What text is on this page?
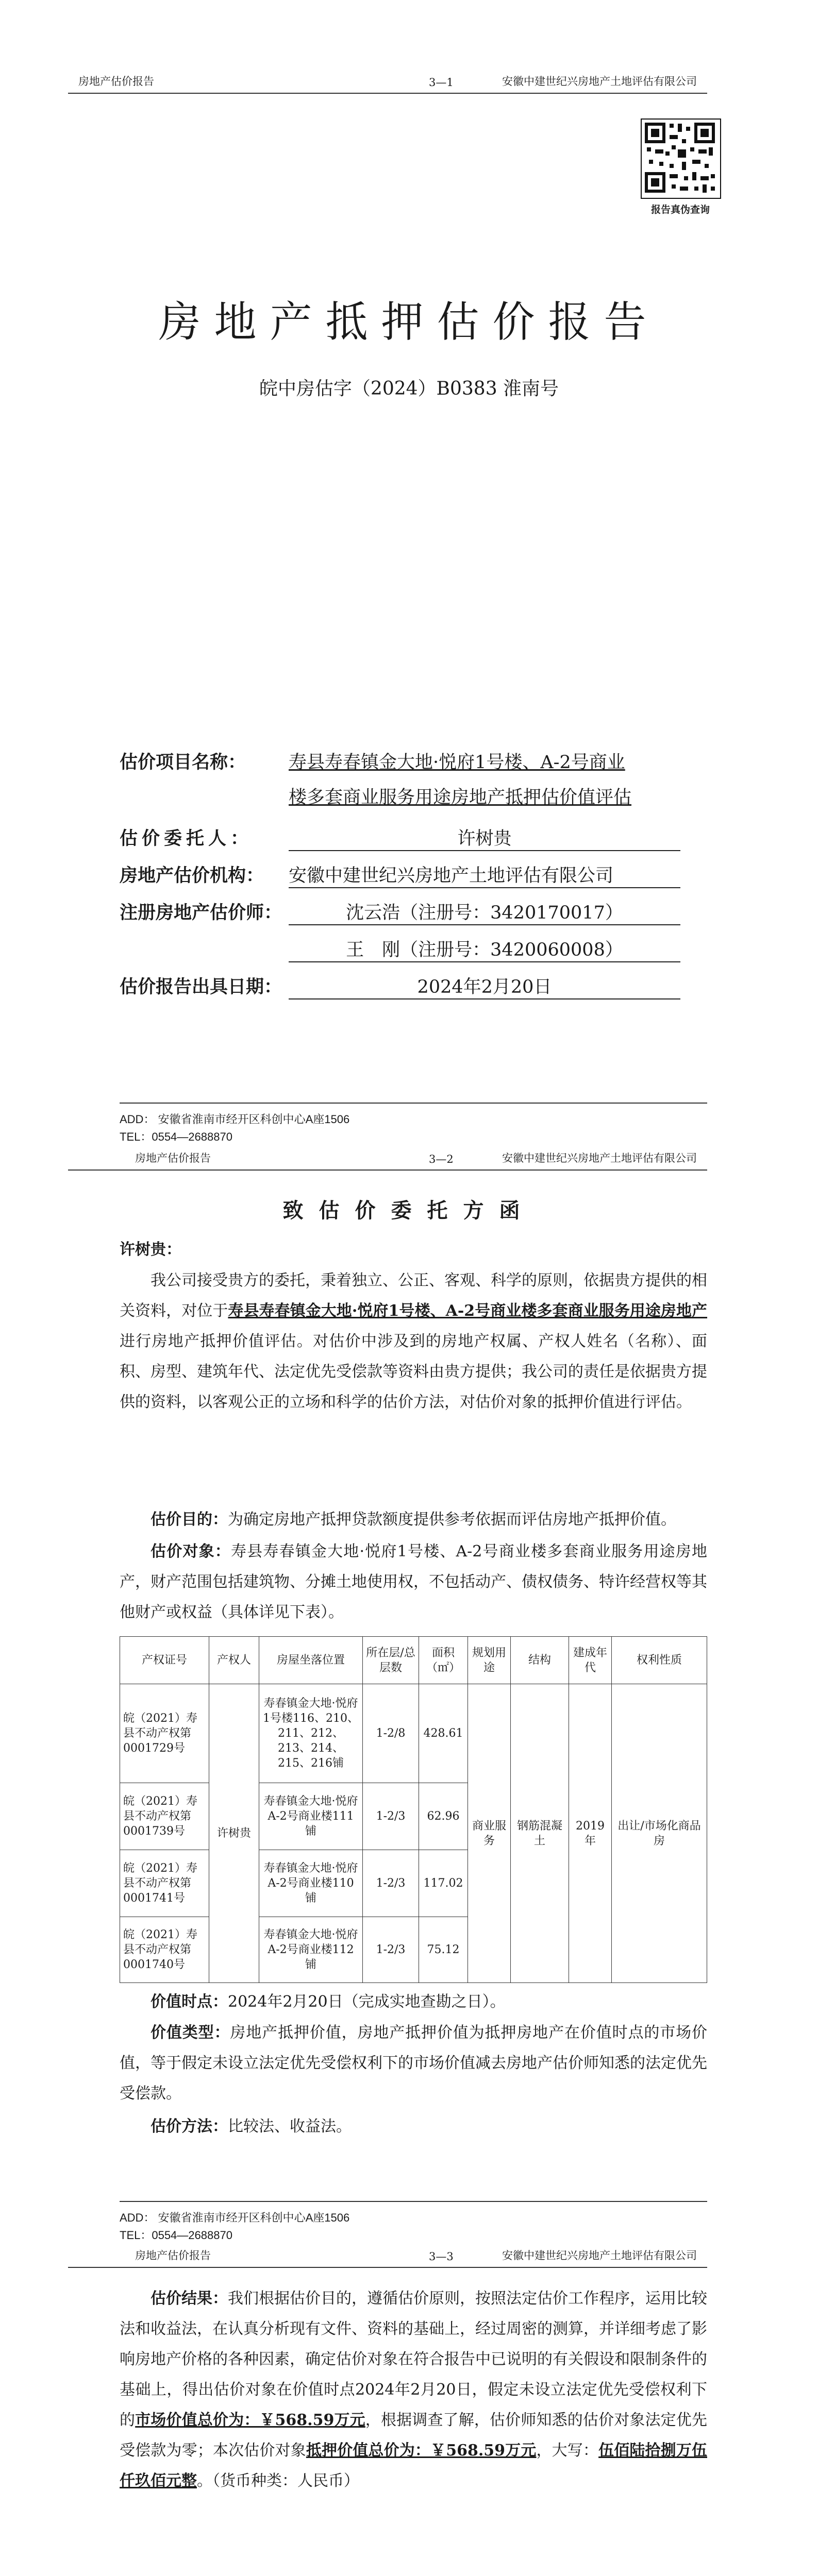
房地产估价报告	3—1	安徽中建世纪兴房地产土地评估有限公司
报告真伪查询
房地产抵押估价报告
皖中房估字（2024）B0383 淮南号
估价项目名称： 寿县寿春镇金大地·悦府1号楼、A-2号商业
楼多套商业服务用途房地产抵押估价值评估
估价委托人：	许树贵
房地产估价机构： 安徽中建世纪兴房地产土地评估有限公司
注册房地产估价师：	沈云浩（注册号：3420170017）
王　刚（注册号：3420060008）
估价报告出具日期：	2024年2月20日
ADD： 安徽省淮南市经开区科创中心A座1506
TEL：0554—2688870
房地产估价报告	3—2	安徽中建世纪兴房地产土地评估有限公司
致估价委托方函
许树贵：
我公司接受贵方的委托，秉着独立、公正、客观、科学的原则，依据贵方提供的相关资料，对位于寿县寿春镇金大地·悦府1号楼、A-2号商业楼多套商业服务用途房地产进行房地产抵押价值评估。对估价中涉及到的房地产权属、产权人姓名（名称）、面积、房型、建筑年代、法定优先受偿款等资料由贵方提供；我公司的责任是依据贵方提供的资料，以客观公正的立场和科学的估价方法，对估价对象的抵押价值进行评估。
估价目的：为确定房地产抵押贷款额度提供参考依据而评估房地产抵押价值。
估价对象：寿县寿春镇金大地·悦府1号楼、A-2号商业楼多套商业服务用途房地产，财产范围包括建筑物、分摊土地使用权，不包括动产、债权债务、特许经营权等其他财产或权益（具体详见下表）。
产权证号	产权人	房屋坐落位置	所在层/总层数	面积（㎡）	规划用途	结构	建成年代	权利性质
皖（2021）寿县不动产权第0001729号	许树贵	寿春镇金大地·悦府1号楼116、210、211、212、213、214、215、216铺	1-2/8	428.61	商业服务	钢筋混凝土	2019年	出让/市场化商品房
皖（2021）寿县不动产权第0001739号		寿春镇金大地·悦府A-2号商业楼111铺	1-2/3	62.96				
皖（2021）寿县不动产权第0001741号		寿春镇金大地·悦府A-2号商业楼110铺	1-2/3	117.02				
皖（2021）寿县不动产权第0001740号		寿春镇金大地·悦府A-2号商业楼112铺	1-2/3	75.12				
价值时点：2024年2月20日（完成实地查勘之日）。
价值类型：房地产抵押价值，房地产抵押价值为抵押房地产在价值时点的市场价值，等于假定未设立法定优先受偿权利下的市场价值减去房地产估价师知悉的法定优先受偿款。
估价方法：比较法、收益法。
ADD： 安徽省淮南市经开区科创中心A座1506
TEL：0554—2688870
房地产估价报告	3—3	安徽中建世纪兴房地产土地评估有限公司
估价结果：我们根据估价目的，遵循估价原则，按照法定估价工作程序，运用比较法和收益法，在认真分析现有文件、资料的基础上，经过周密的测算，并详细考虑了影响房地产价格的各种因素，确定估价对象在符合报告中已说明的有关假设和限制条件的基础上，得出估价对象在价值时点2024年2月20日，假定未设立法定优先受偿权利下的市场价值总价为：￥568.59万元，根据调查了解，估价师知悉的估价对象法定优先受偿款为零；本次估价对象抵押价值总价为：￥568.59万元，大写：伍佰陆拾捌万伍仟玖佰元整。（货币种类：人民币）
